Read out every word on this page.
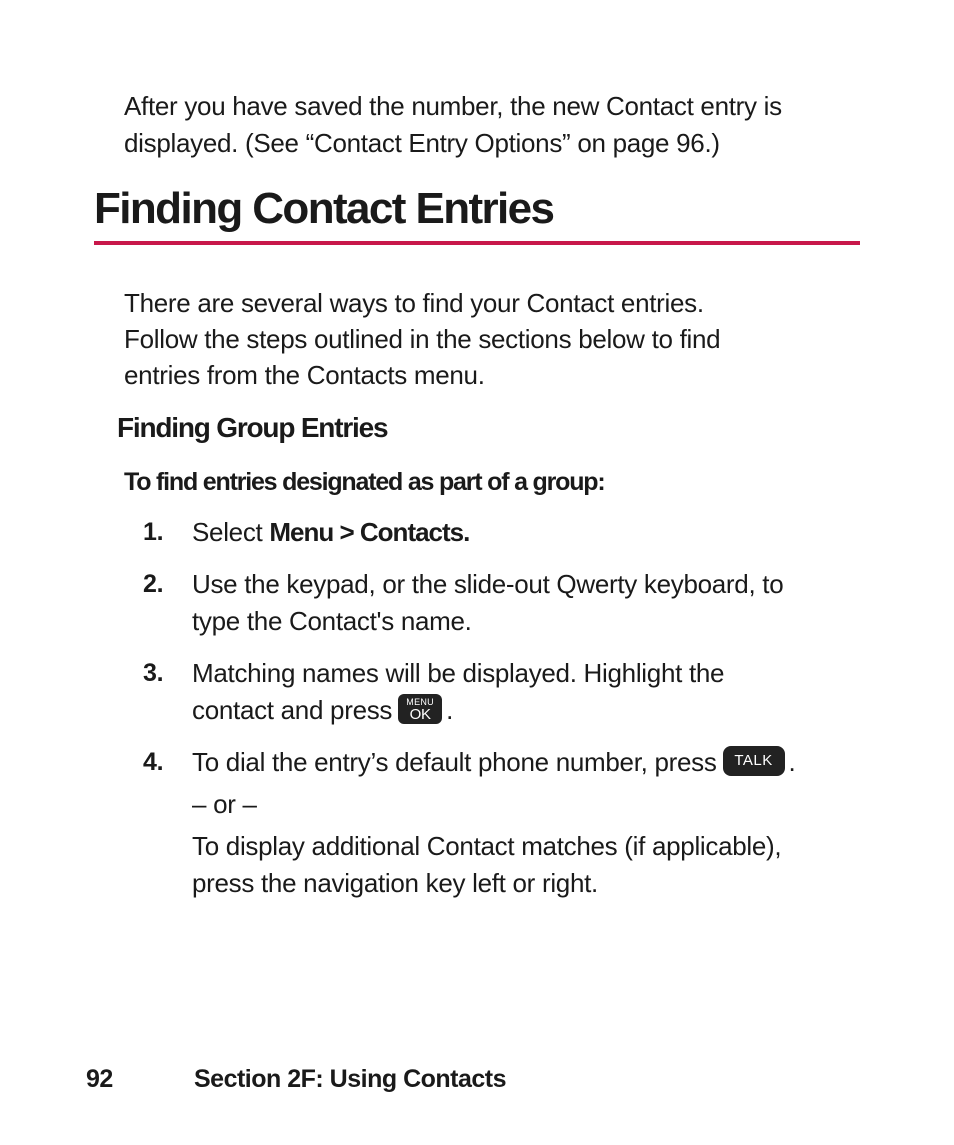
After you have saved the number, the new Contact entry is
displayed. (See “Contact Entry Options” on page 96.)
Finding Contact Entries
There are several ways to find your Contact entries.
Follow the steps outlined in the sections below to find
entries from the Contacts menu.
Finding Group Entries
To find entries designated as part of a group:
1. Select Menu > Contacts.
2. Use the keypad, or the slide-out Qwerty keyboard, to
type the Contact's name.
3. Matching names will be displayed. Highlight the
contact and press	MENU
OK .
4. To dial the entry’s default phone number, press TALK .
– or –
To display additional Contact matches (if applicable),
press the navigation key left or right.
92	Section 2F: Using Contacts
